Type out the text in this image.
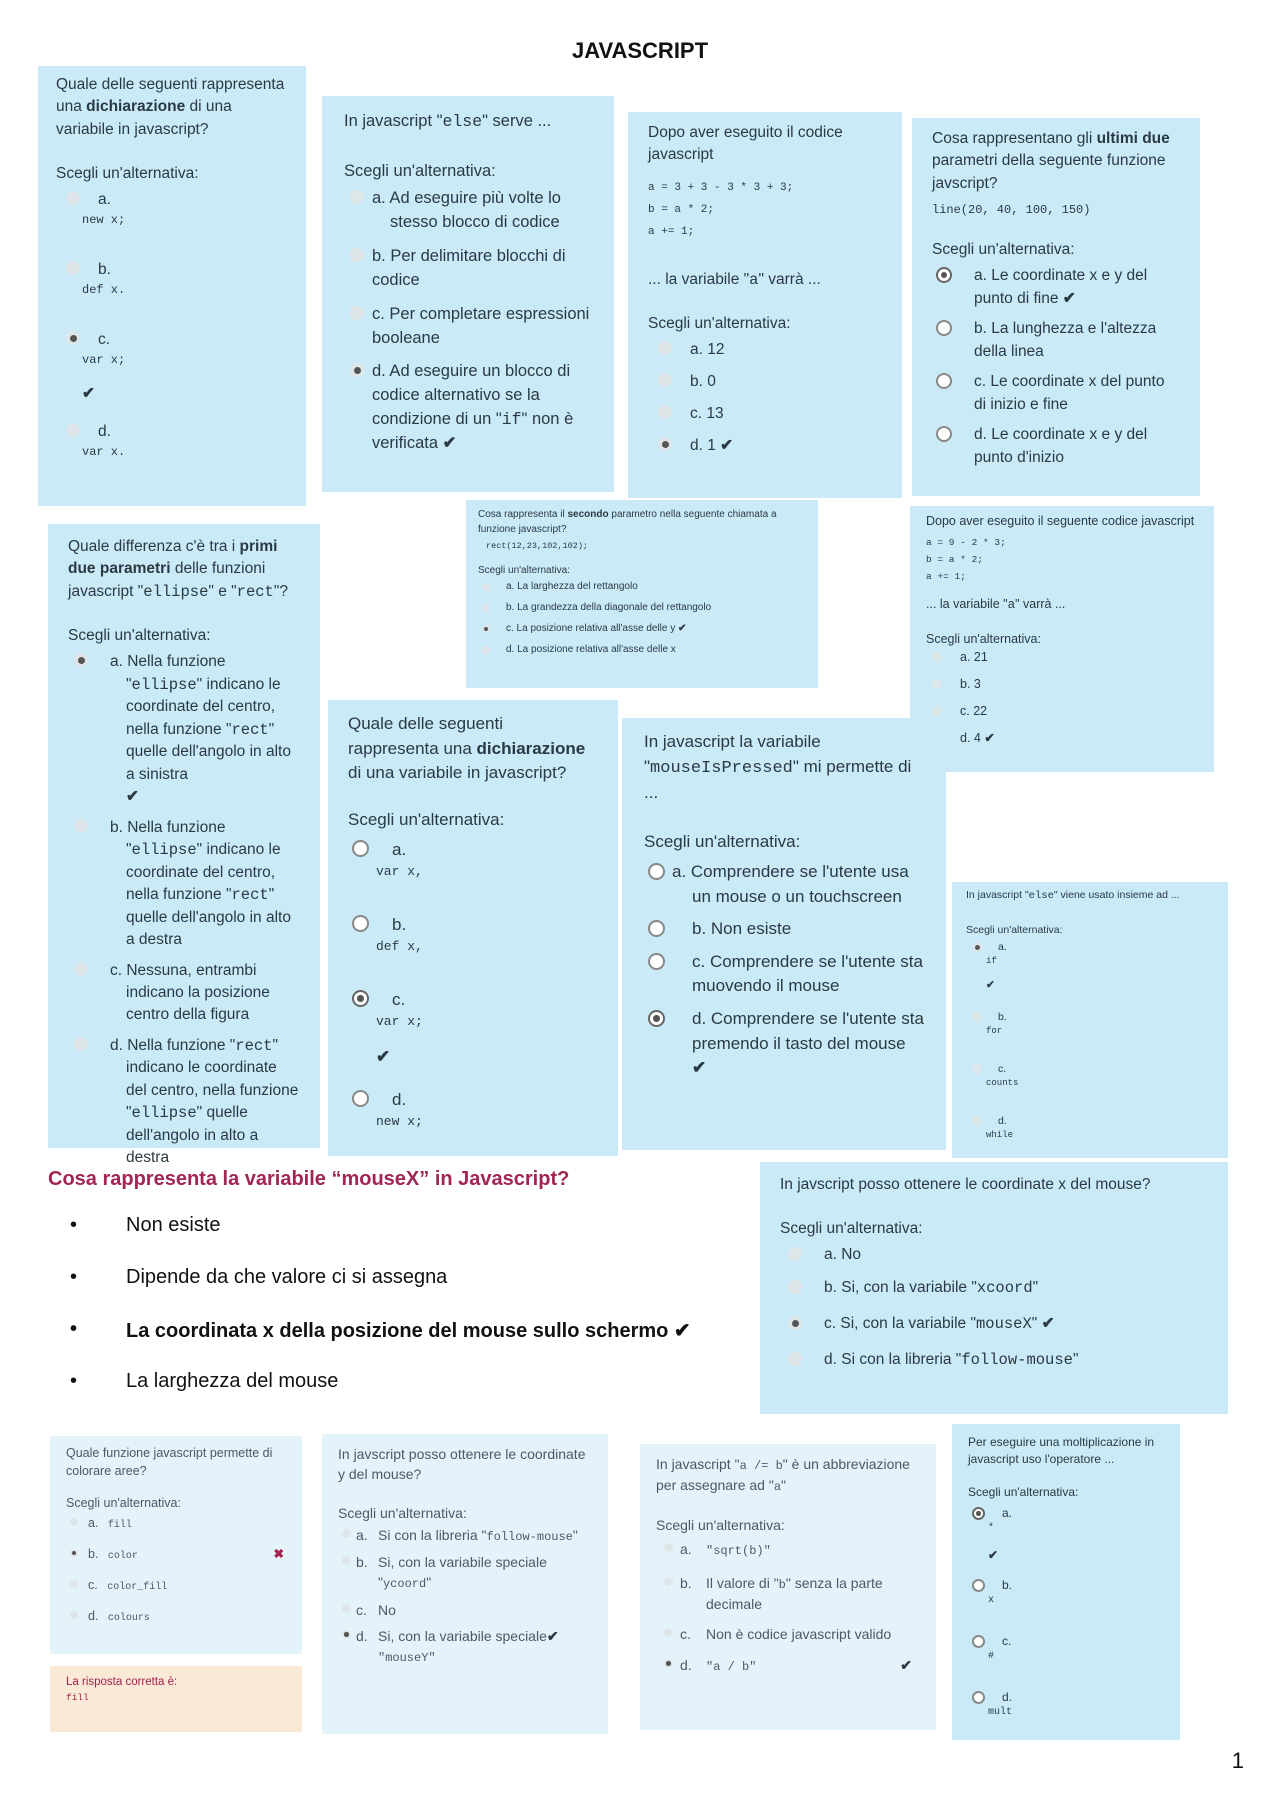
JAVASCRIPT

Quale delle seguenti rappresenta una dichiarazione di una variabile in javascript?

Scegli un'alternativa:
a.
new x;
b.
def x.
c.
var x;
✔
d.
var x.

In javascript "else" serve ...

Scegli un'alternativa:
a. Ad eseguire più volte lo stesso blocco di codice
b. Per delimitare blocchi di codice
c. Per completare espressioni booleane
d. Ad eseguire un blocco di codice alternativo se la condizione di un "if" non è verificata ✔

Dopo aver eseguito il codice javascript

a = 3 + 3 - 3 * 3 + 3;
b = a * 2;
a += 1;

... la variabile "a" varrà ...

Scegli un'alternativa:
a. 12
b. 0
c. 13
d. 1 ✔

Cosa rappresentano gli ultimi due parametri della seguente funzione javscript?

line(20, 40, 100, 150)
Scegli un'alternativa:
a. Le coordinate x e y del punto di fine ✔
b. La lunghezza e l'altezza della linea
c. Le coordinate x del punto di inizio e fine
d. Le coordinate x e y del punto d'inizio

Quale differenza c'è tra i primi due parametri delle funzioni javascript "ellipse" e "rect"?

Scegli un'alternativa:
a. Nella funzione "ellipse" indicano le coordinate del centro, nella funzione "rect" quelle dell'angolo in alto a sinistra
✔
b. Nella funzione "ellipse" indicano le coordinate del centro, nella funzione "rect" quelle dell'angolo in alto a destra
c. Nessuna, entrambi indicano la posizione centro della figura
d. Nella funzione "rect" indicano le coordinate del centro, nella funzione "ellipse" quelle dell'angolo in alto a destra

Cosa rappresenta il secondo parametro nella seguente chiamata a funzione javascript?

rect(12,23,102,102);
Scegli un'alternativa:
a. La larghezza del rettangolo
b. La grandezza della diagonale del rettangolo
c. La posizione relativa all'asse delle y ✔
d. La posizione relativa all'asse delle x

Dopo aver eseguito il seguente codice javascript

a = 9 - 2 * 3;
b = a * 2;
a += 1;

... la variabile "a" varrà ...

Scegli un'alternativa:
a. 21
b. 3
c. 22
d. 4 ✔

Quale delle seguenti rappresenta una dichiarazione di una variabile in javascript?

Scegli un'alternativa:
a.
var x,
b.
def x,
c.
var x;
✔
d.
new x;

In javascript la variabile "mouseIsPressed" mi permette di ...

Scegli un'alternativa:
a. Comprendere se l'utente usa un mouse o un touchscreen
b. Non esiste
c. Comprendere se l'utente sta muovendo il mouse
d. Comprendere se l'utente sta premendo il tasto del mouse ✔

In javascript "else" viene usato insieme ad ...

Scegli un'alternativa:
a.
if
✔
b.
for
c.
counts
d.
while
Cosa rappresenta la variabile “mouseX” in Javascript?
• Non esiste
• Dipende da che valore ci si assegna
• La coordinata x della posizione del mouse sullo schermo ✔
• La larghezza del mouse

In javscript posso ottenere le coordinate x del mouse?

Scegli un'alternativa:
a. No
b. Si, con la variabile "xcoord"
c. Si, con la variabile "mouseX" ✔
d. Si con la libreria "follow-mouse"

Quale funzione javascript permette di colorare aree?

Scegli un'alternativa:
a. fill
b. color	✖
c. color_fill
d. colours
La risposta corretta è:
fill

In javscript posso ottenere le coordinate y del mouse?

Scegli un'alternativa:
a. Si con la libreria "follow-mouse"
b. Si, con la variabile speciale "ycoord"
c. No
d. Si, con la variabile speciale✔
"mouseY"

In javascript "a /= b" è un abbreviazione per assegnare ad "a"

Scegli un'alternativa:
a. "sqrt(b)"
b. Il valore di "b" senza la parte decimale
c. Non è codice javascript valido
d. "a / b"	✔

Per eseguire una moltiplicazione in javascript uso l'operatore ...

Scegli un'alternativa:
a.
*
✔
b.
x
c.
#
d.
mult
1
